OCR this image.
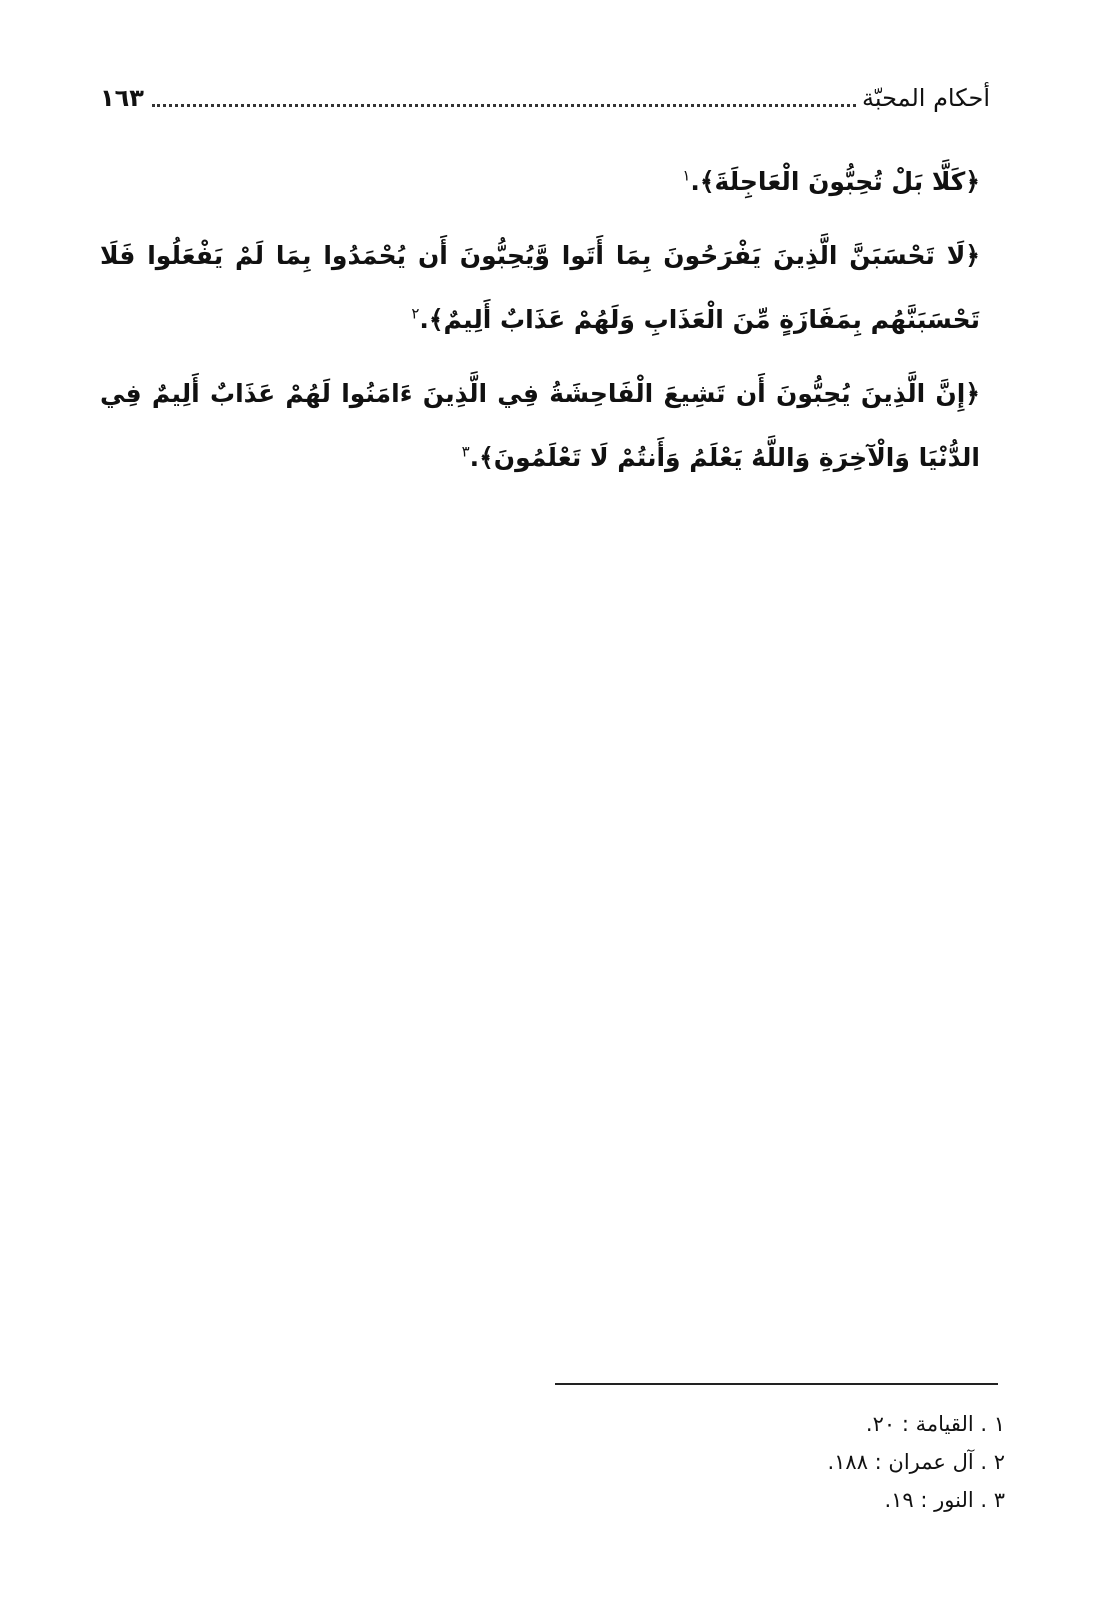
أحكام المحبّة
١٦٣

﴿كَلَّا بَلْ تُحِبُّونَ الْعَاجِلَةَ﴾.$^١$

﴿لَا تَحْسَبَنَّ الَّذِينَ يَفْرَحُونَ بِمَا أَتَوا وَّيُحِبُّونَ أَن يُحْمَدُوا بِمَا لَمْ يَفْعَلُوا فَلَا تَحْسَبَنَّهُم بِمَفَازَةٍ مِّنَ الْعَذَابِ وَلَهُمْ عَذَابٌ أَلِيمٌ﴾.$^٢$

﴿إِنَّ الَّذِينَ يُحِبُّونَ أَن تَشِيعَ الْفَاحِشَةُ فِي الَّذِينَ ءَامَنُوا لَهُمْ عَذَابٌ أَلِيمٌ فِي الدُّنْيَا وَالْآخِرَةِ وَاللَّهُ يَعْلَمُ وَأَنتُمْ لَا تَعْلَمُونَ﴾.$^٣$

١ . القيامة : ٢٠.
٢ . آل عمران : ١٨٨.
٣ . النور : ١٩.
